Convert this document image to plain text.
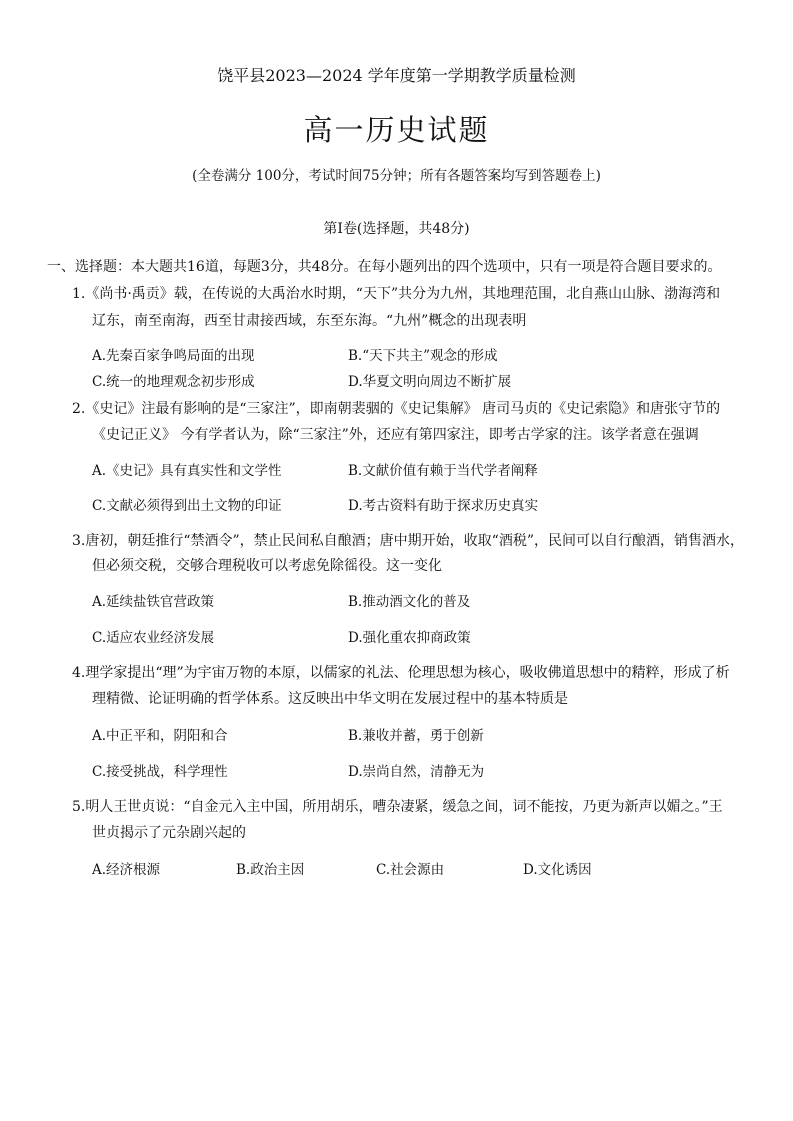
饶平县2023—2024 学年度第一学期教学质量检测
高一历史试题
(全卷满分 100分，考试时间75分钟；所有各题答案均写到答题卷上)
第Ⅰ卷(选择题，共48分)
一、选择题：本大题共16道，每题3分，共48分。在每小题列出的四个选项中，只有一项是符合题目要求的。
1.《尚书·禹贡》载，在传说的大禹治水时期，“天下”共分为九州，其地理范围，北自燕山山脉、渤海湾和
辽东，南至南海，西至甘肃接西域，东至东海。“九州”概念的出现表明
A.先秦百家争鸣局面的出现	B.“天下共主”观念的形成
C.统一的地理观念初步形成	D.华夏文明向周边不断扩展
2.《史记》注最有影响的是“三家注”，即南朝裴骃的《史记集解》 唐司马贞的《史记索隐》和唐张守节的
《史记正义》 今有学者认为，除“三家注”外，还应有第四家注，即考古学家的注。该学者意在强调
A.《史记》具有真实性和文学性	B.文献价值有赖于当代学者阐释
C.文献必须得到出土文物的印证	D.考古资料有助于探求历史真实
3.唐初，朝廷推行“禁酒令”，禁止民间私自酿酒；唐中期开始，收取“酒税”，民间可以自行酿酒，销售酒水，
但必须交税，交够合理税收可以考虑免除徭役。这一变化
A.延续盐铁官营政策	B.推动酒文化的普及
C.适应农业经济发展	D.强化重农抑商政策
4.理学家提出“理”为宇宙万物的本原，以儒家的礼法、伦理思想为核心，吸收佛道思想中的精粹，形成了析
理精微、论证明确的哲学体系。这反映出中华文明在发展过程中的基本特质是
A.中正平和，阴阳和合	B.兼收并蓄，勇于创新
C.接受挑战，科学理性	D.崇尚自然，清静无为
5.明人王世贞说：“自金元入主中国，所用胡乐，嘈杂凄紧，缓急之间，词不能按，乃更为新声以媚之。”王
世贞揭示了元杂剧兴起的
A.经济根源	B.政治主因	C.社会源由	D.文化诱因
